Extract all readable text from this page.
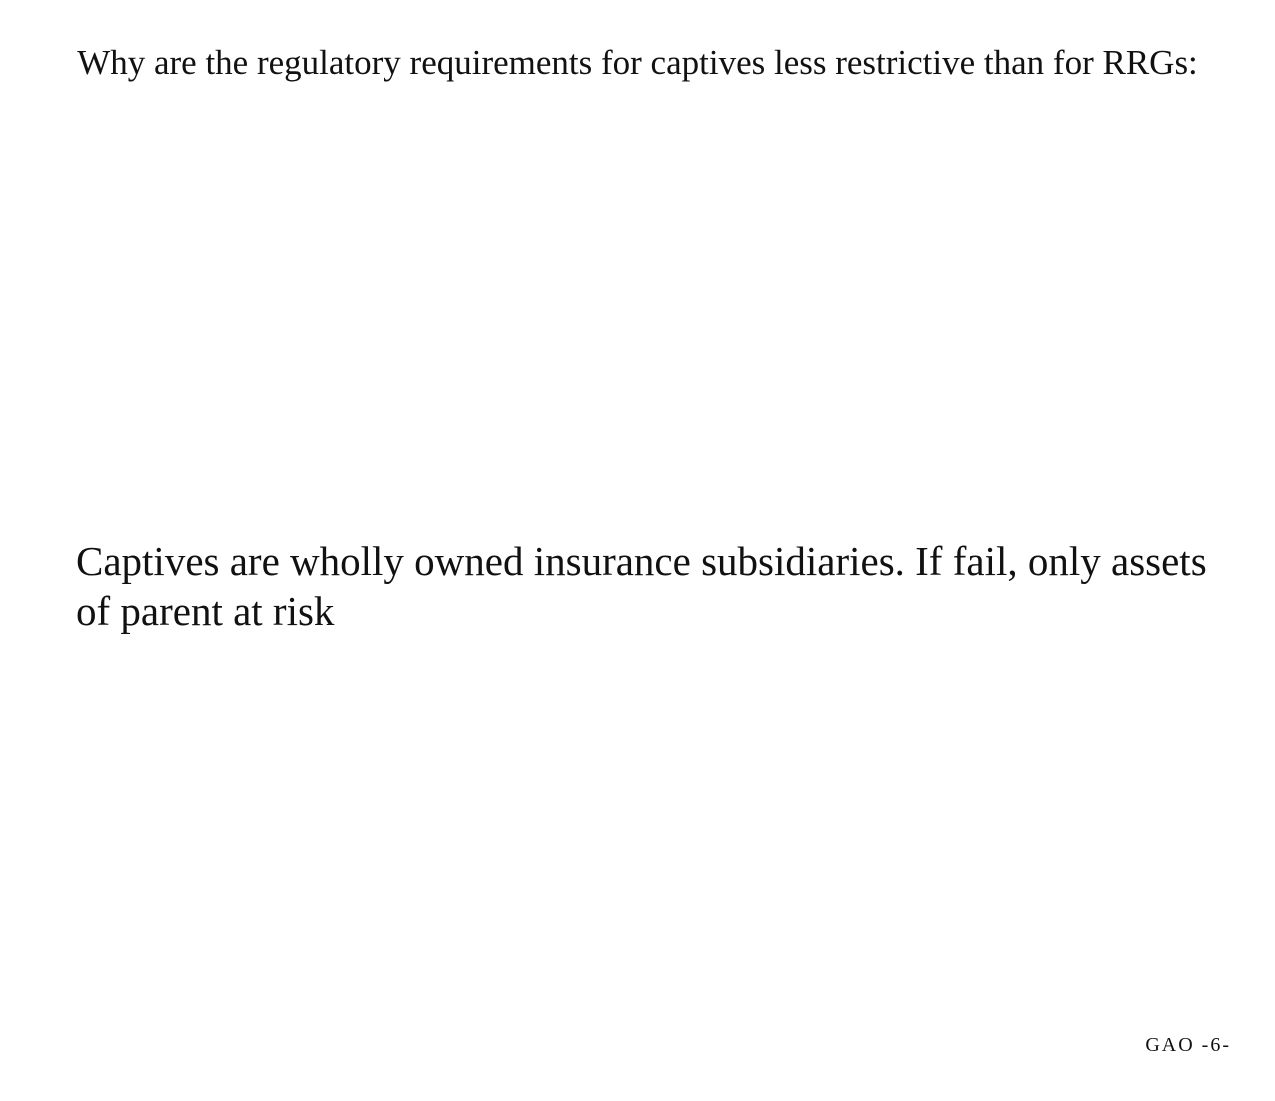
Why are the regulatory requirements for captives less restrictive than for RRGs:

Captives are wholly owned insurance subsidiaries. If fail, only assets of parent at risk

GAO -6-
